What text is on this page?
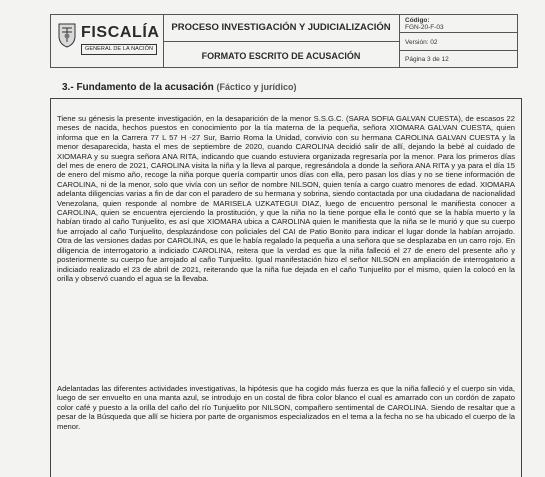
FISCALÍA
GENERAL DE LA NACIÓN
PROCESO INVESTIGACIÓN Y JUDICIALIZACIÓN
FORMATO ESCRITO DE ACUSACIÓN
Código:
FGN-20-F-03
Versión: 02
Página 3 de 12
3.- Fundamento de la acusación (Fáctico y jurídico)
Tiene su génesis la presente investigación, en la desaparición de la menor S.S.G.C. (SARA SOFIA GALVAN CUESTA), de escasos 22 meses de nacida, hechos puestos en conocimiento por la tía materna de la pequeña, señora XIOMARA GALVAN CUESTA, quien informa que en la Carrera 77 L 57 H -27 Sur, Barrio Roma la Unidad, convivio con su hermana CAROLINA GALVAN CUESTA y la menor desaparecida, hasta el mes de septiembre de 2020, cuando CAROLINA decidió salir de allí, dejando la bebé al cuidado de XIOMARA y su suegra señora ANA RITA, indicando que cuando estuviera organizada regresaría por la menor. Para los primeros días del mes de enero de 2021, CAROLINA visita la niña y la lleva al parque, regresándola a donde la señora ANA RITA y ya para el día 15 de enero del mismo año, recoge la niña porque quería compartir unos días con ella, pero pasan los días y no se tiene información de CAROLINA, ni de la menor, solo que vivía con un señor de nombre NILSON, quien tenía a cargo cuatro menores de edad. XIOMARA adelanta diligencias varias a fin de dar con el paradero de su hermana y sobrina, siendo contactada por una ciudadana de nacionalidad Venezolana, quien responde al nombre de MARISELA UZKATEGUI DIAZ, luego de encuentro personal le manifiesta conocer a CAROLINA, quien se encuentra ejerciendo la prostitución, y que la niña no la tiene porque ella le contó que se la había muerto y la habían tirado al caño Tunjuelito, es así que XIOMARA ubica a CAROLINA quien le manifiesta que la niña se le murió y que su cuerpo fue arrojado al caño Tunjuelito, desplazándose con policiales del CAI de Patio Bonito para indicar el lugar donde la habían arrojado. Otra de las versiones dadas por CAROLINA, es que le había regalado la pequeña a una señora que se desplazaba en un carro rojo. En diligencia de interrogatorio a indiciado CAROLINA, reitera que la verdad es que la niña falleció el 27 de enero del presente año y posteriormente su cuerpo fue arrojado al caño Tunjuelito. Igual manifestación hizo el señor NILSON en ampliación de interrogatorio a indiciado realizado el 23 de abril de 2021, reiterando que la niña fue dejada en el caño Tunjuelito por el mismo, quien la colocó en la orilla y observó cuando el agua se la llevaba.
Adelantadas las diferentes actividades investigativas, la hipótesis que ha cogido más fuerza es que la niña falleció y el cuerpo sin vida, luego de ser envuelto en una manta azul, se introdujo en un costal de fibra color blanco el cual es amarrado con un cordón de zapato color café y puesto a la orilla del caño del río Tunjuelito por NILSON, compañero sentimental de CAROLINA. Siendo de resaltar que a pesar de la Búsqueda que allí se hiciera por parte de organismos especializados en el tema a la fecha no se ha ubicado el cuerpo de la menor.
